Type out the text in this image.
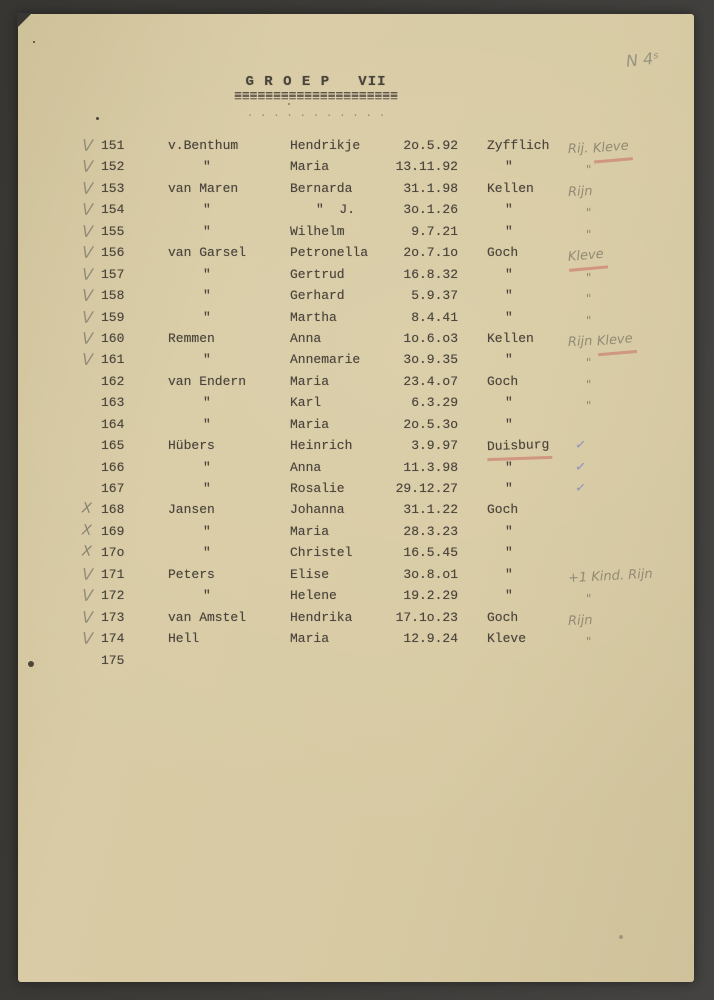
G R O E P   VII
=====================
. . . . . . . . . . .
N 4ˢ
V 151	v.Benthum	Hendrikje	2o.5.92 Zyfflich	Rij. Kleve
V 152	"	Maria	13.11.92	"	"
V 153	van Maren	Bernarda	31.1.98 Kellen	Rijn
V 154	"	"  J.	3o.1.26	"	"
V 155	"	Wilhelm	9.7.21	"	"
V 156	van Garsel	Petronella	2o.7.1o Goch	Kleve
V 157	"	Gertrud	16.8.32	"	"
V 158	"	Gerhard	5.9.37	"	"
V 159	"	Martha	8.4.41	"	"
V 160	Remmen	Anna	1o.6.o3 Kellen	Rijn Kleve
V 161	"	Annemarie	3o.9.35	"	"
162	van Endern	Maria	23.4.o7 Goch	"
163	"	Karl	6.3.29	"	"
164	"	Maria	2o.5.3o	"
165	Hübers	Heinrich	3.9.97 Duisburg	✓
166	"	Anna	11.3.98	"	✓
167	"	Rosalie	29.12.27	"	✓
X 168	Jansen	Johanna	31.1.22 Goch
X 169	"	Maria	28.3.23	"
X 17o	"	Christel	16.5.45	"
V 171	Peters	Elise	3o.8.o1	"	+1 Kind. Rijn
V 172	"	Helene	19.2.29	"	"
V 173	van Amstel	Hendrika	17.1o.23 Goch	Rijn
V 174	Hell	Maria	12.9.24 Kleve	"
175
